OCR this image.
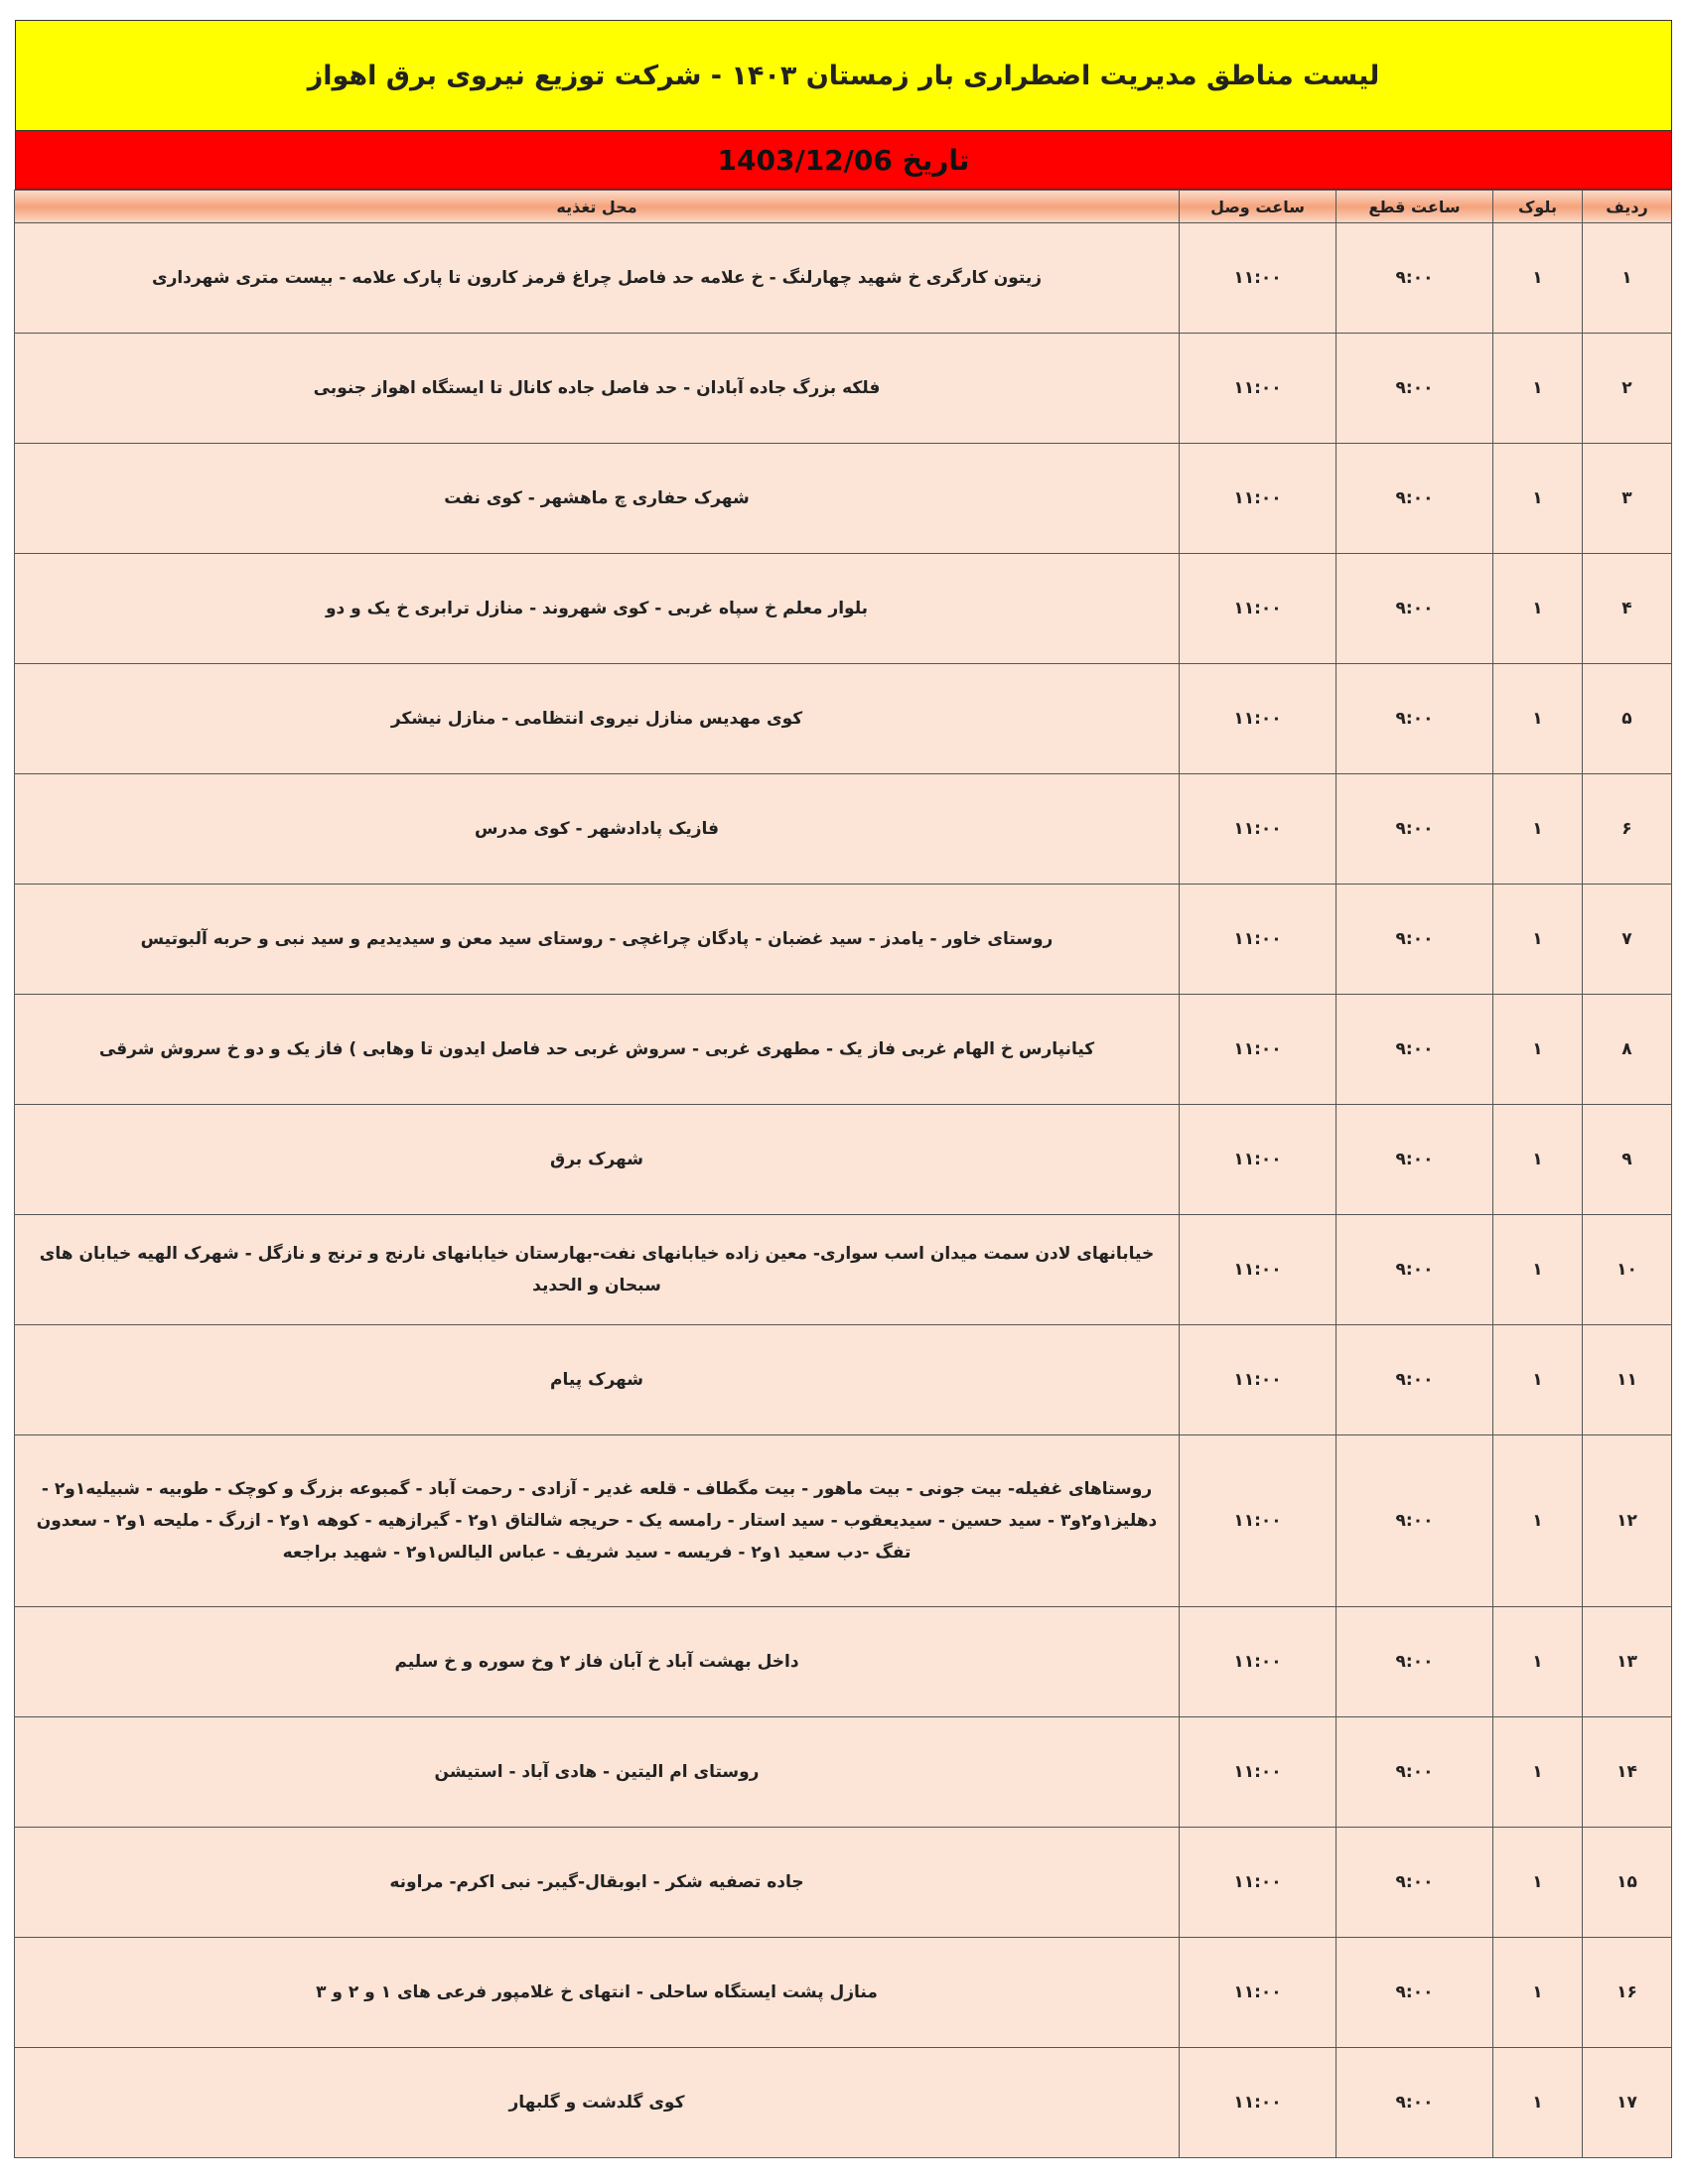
لیست مناطق مدیریت اضطراری بار زمستان ۱۴۰۳ - شرکت توزیع نیروی برق اهواز
تاریخ 1403/12/06
ردیف	بلوک	ساعت قطع	ساعت وصل	محل تغذیه
۱	۱	۹:۰۰	۱۱:۰۰	زیتون کارگری خ شهید چهارلنگ - خ علامه حد فاصل چراغ قرمز کارون تا پارک علامه - بیست متری شهرداری
۲	۱	۹:۰۰	۱۱:۰۰	فلکه بزرگ جاده آبادان - حد فاصل جاده کانال تا ایستگاه اهواز جنوبی
۳	۱	۹:۰۰	۱۱:۰۰	شهرک حفاری چ ماهشهر - کوی نفت
۴	۱	۹:۰۰	۱۱:۰۰	بلوار معلم خ سپاه غربی - کوی شهروند - منازل ترابری خ یک و دو
۵	۱	۹:۰۰	۱۱:۰۰	کوی مهدیس منازل نیروی انتظامی - منازل نیشکر
۶	۱	۹:۰۰	۱۱:۰۰	فازیک پادادشهر - کوی مدرس
۷	۱	۹:۰۰	۱۱:۰۰	روستای خاور - یامدز - سید غضبان - پادگان چراغچی - روستای سید معن و سیدیدیم و سید نبی و حربه آلبوتیس
۸	۱	۹:۰۰	۱۱:۰۰	کیانپارس خ الهام غربی فاز یک - مطهری غربی - سروش غربی حد فاصل ایدون تا وهابی ) فاز یک و دو خ سروش شرقی
۹	۱	۹:۰۰	۱۱:۰۰	شهرک برق
۱۰	۱	۹:۰۰	۱۱:۰۰	خیابانهای لادن سمت میدان اسب سواری- معین زاده خیابانهای نفت-بهارستان خیابانهای نارنج و ترنج و نازگل - شهرک الهیه خیابان های سبحان و الحدید
۱۱	۱	۹:۰۰	۱۱:۰۰	شهرک پیام
۱۲	۱	۹:۰۰	۱۱:۰۰	روستاهای غفیله- بیت جونی - بیت ماهور - بیت مگطاف - قلعه غدیر - آزادی - رحمت آباد - گمبوعه بزرگ و کوچک - طوبیه - شبیلیه۱و۲ - دهلیز۱و۲و۳ - سید حسین - سیدیعقوب - سید استار - رامسه یک - حریجه شالتاق ۱و۲ - گیرازهیه - کوهه ۱و۲ - ازرگ - ملیحه ۱و۲ - سعدون تفگ -دب سعید ۱و۲ - فریسه - سید شریف - عباس الیالس۱و۲ - شهید براجعه
۱۳	۱	۹:۰۰	۱۱:۰۰	داخل بهشت آباد خ آبان فاز ۲ وخ سوره و خ سلیم
۱۴	۱	۹:۰۰	۱۱:۰۰	روستای ام الیتین - هادی آباد - استیشن
۱۵	۱	۹:۰۰	۱۱:۰۰	جاده تصفیه شکر - ابوبقال-گیبر- نبی اکرم- مراونه
۱۶	۱	۹:۰۰	۱۱:۰۰	منازل پشت ایستگاه ساحلی - انتهای خ غلامپور فرعی های ۱ و ۲ و ۳
۱۷	۱	۹:۰۰	۱۱:۰۰	کوی گلدشت و گلبهار
